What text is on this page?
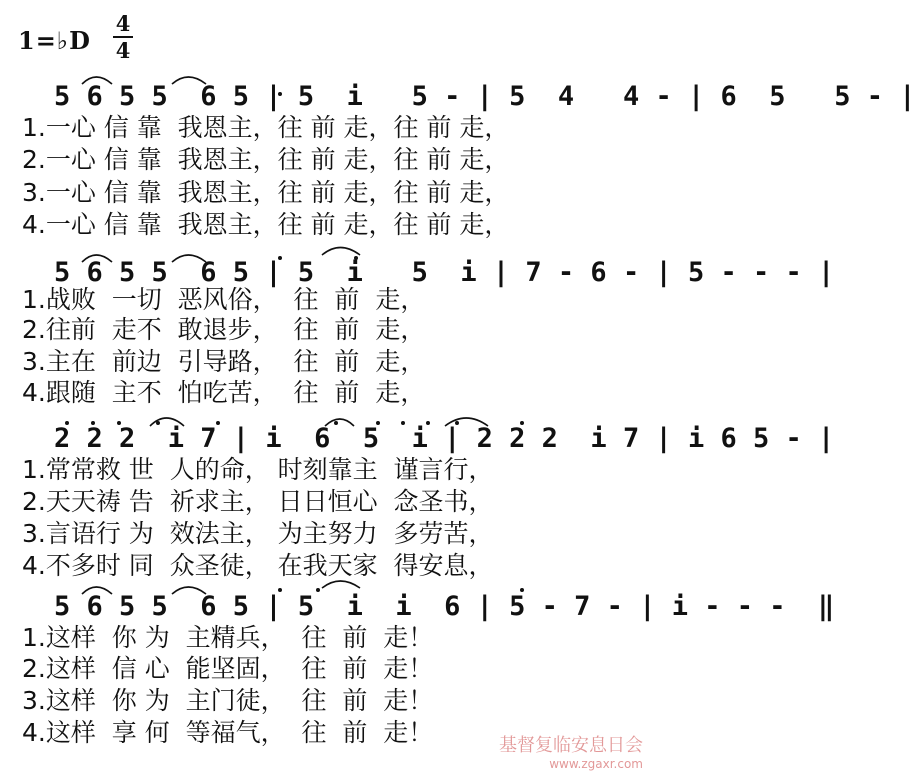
1=♭D
4
4
5 6 5 5  6 5 | 5  i   5 - | 5  4   4 - | 6  5   5 - |
1.一心 信 靠  我恩主，往 前 走，往 前 走，
2.一心 信 靠  我恩主，往 前 走，往 前 走，
3.一心 信 靠  我恩主，往 前 走，往 前 走，
4.一心 信 靠  我恩主，往 前 走，往 前 走，
5 6 5 5  6 5 | 5  i   5  i | 7 - 6 - | 5 - - - |
1.战败  一切  恶风俗，  往  前  走，
2.往前  走不  敢退步，  往  前  走，
3.主在  前边  引导路，  往  前  走，
4.跟随  主不  怕吃苦，  往  前  走，
2 2 2  i 7 | i  6  5  i | 2 2 2  i 7 | i 6 5 - |
1.常常救 世  人的命， 时刻靠主  谨言行，
2.天天祷 告  祈求主， 日日恒心  念圣书，
3.言语行 为  效法主， 为主努力  多劳苦，
4.不多时 同  众圣徒， 在我天家  得安息，
5 6 5 5  6 5 | 5  i  i  6 | 5 - 7 - | i - - -  ‖
1.这样  你 为  主精兵，  往  前  走！
2.这样  信 心  能坚固，  往  前  走！
3.这样  你 为  主门徒，  往  前  走！
4.这样  享 何  等福气，  往  前  走！	基督复临安息日会
www.zgaxr.com
